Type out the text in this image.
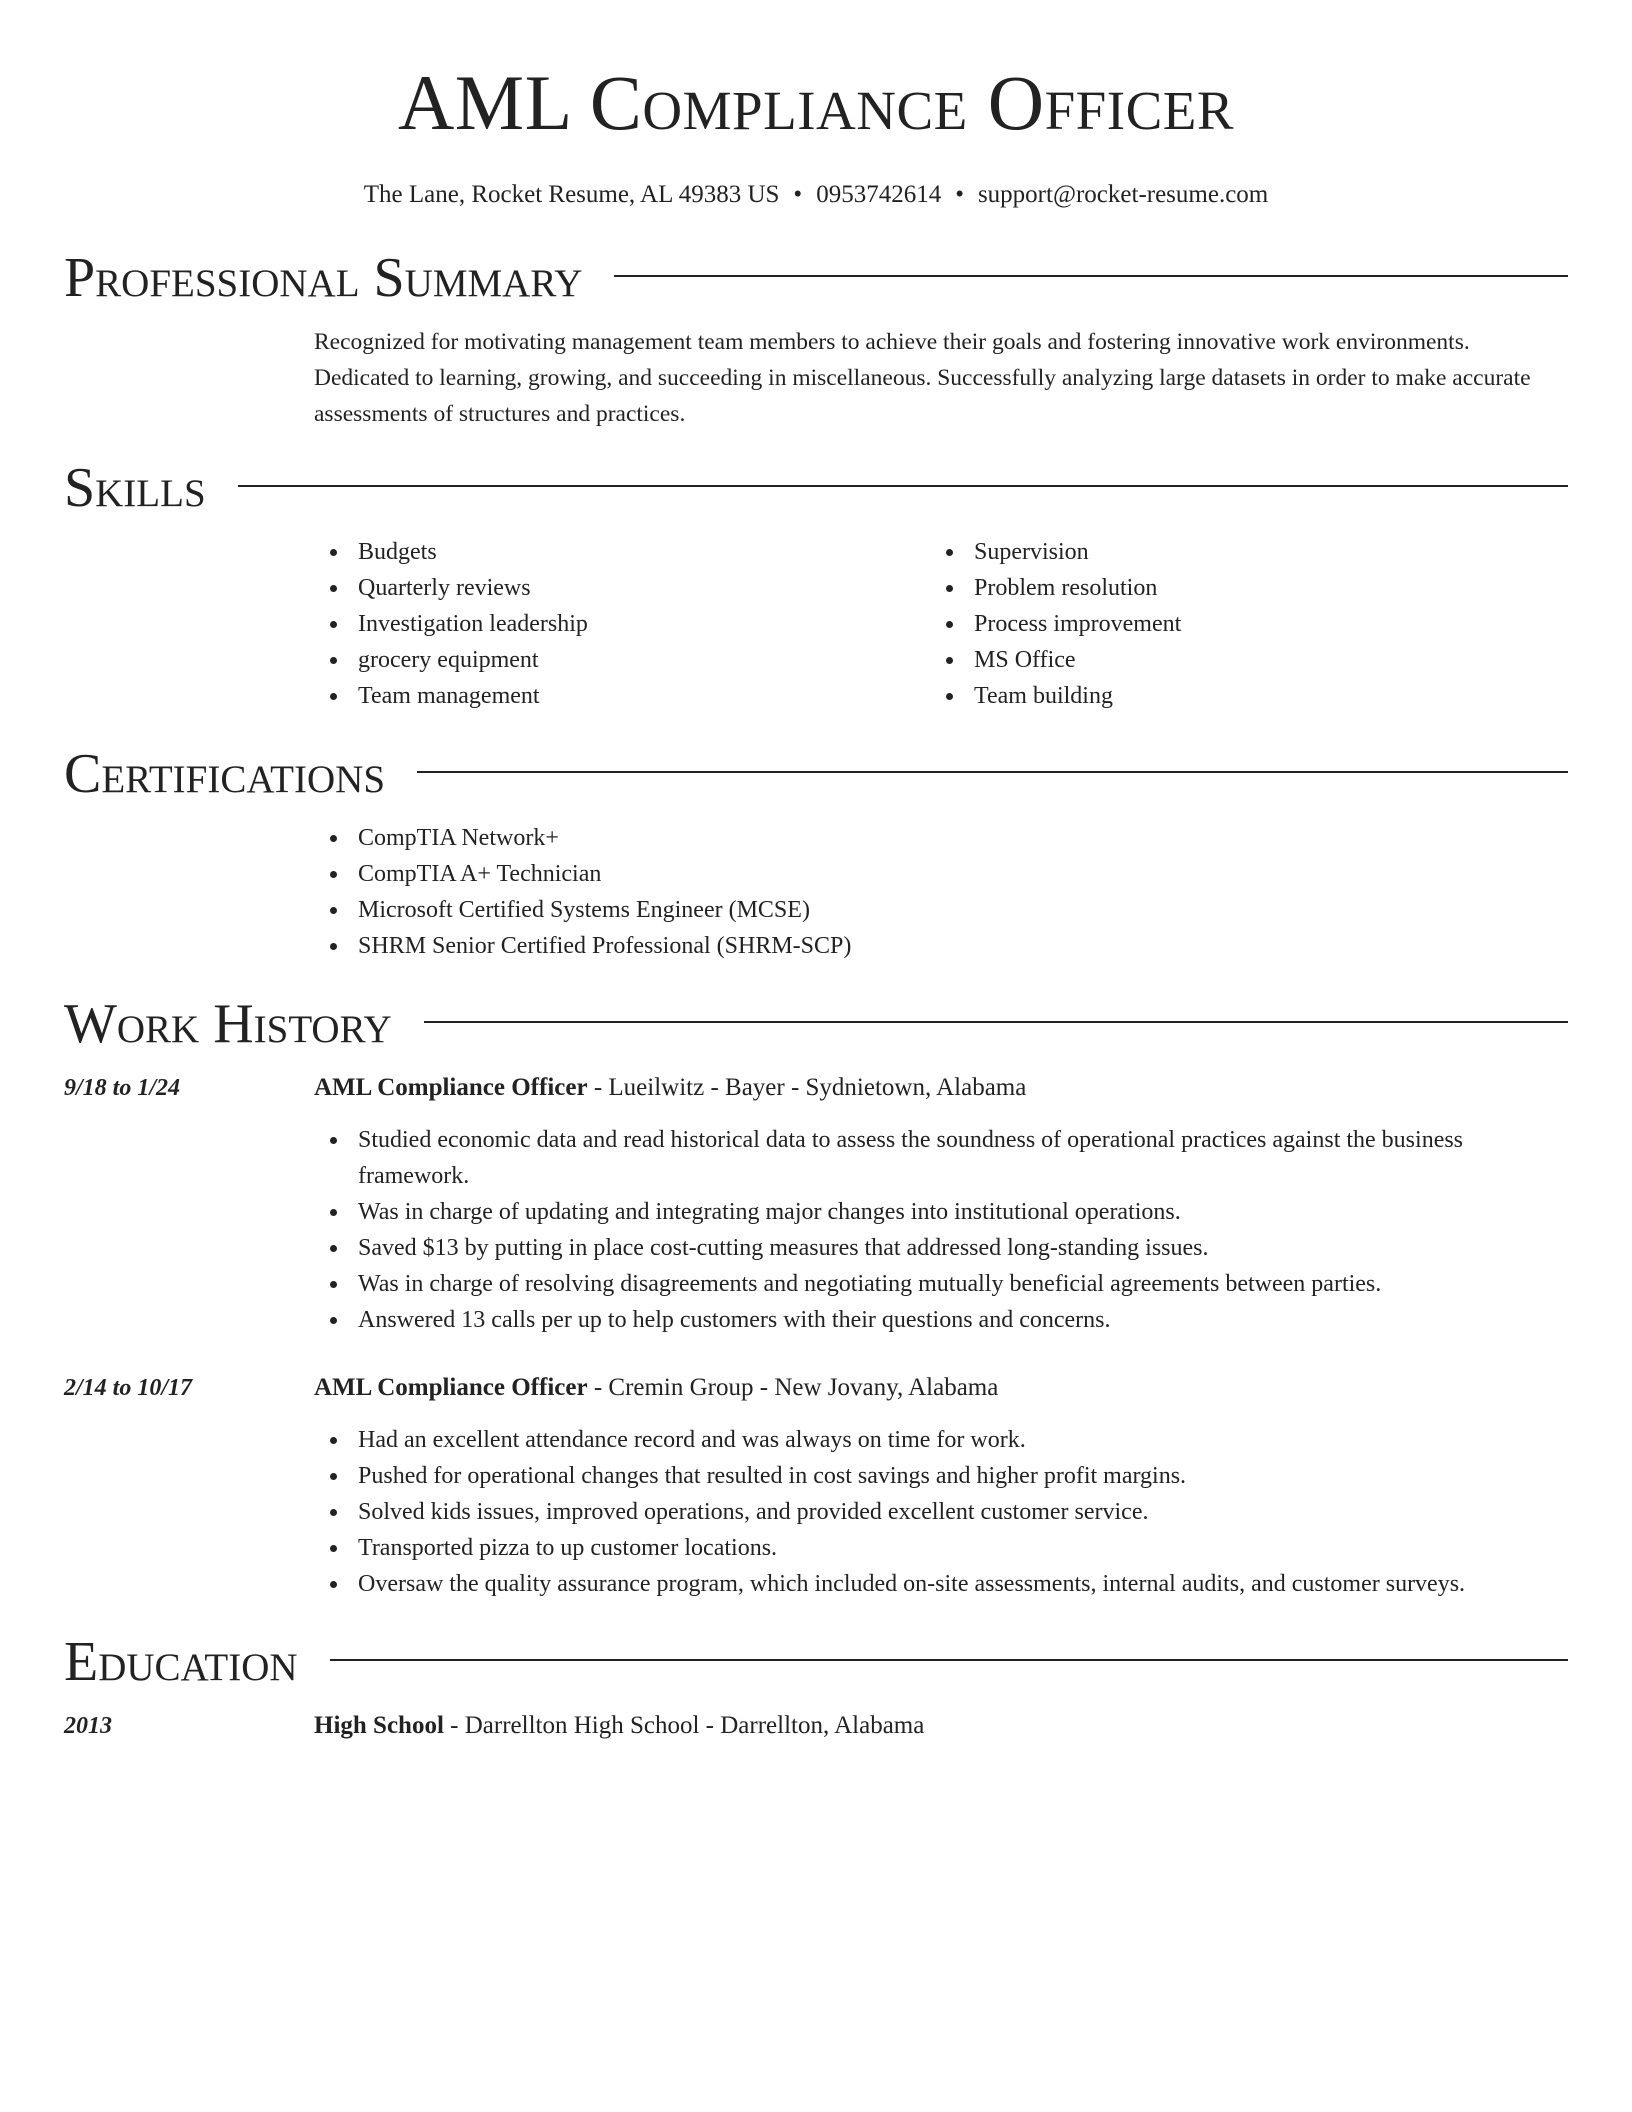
AML Compliance Officer
The Lane, Rocket Resume, AL 49383 US • 0953742614 • support@rocket-resume.com
Professional Summary

Recognized for motivating management team members to achieve their goals and fostering innovative work environments. Dedicated to learning, growing, and succeeding in miscellaneous. Successfully analyzing large datasets in order to make accurate assessments of structures and practices.

Skills
Budgets
Quarterly reviews
Investigation leadership
grocery equipment
Team management
Supervision
Problem resolution
Process improvement
MS Office
Team building
Certifications
CompTIA Network+
CompTIA A+ Technician
Microsoft Certified Systems Engineer (MCSE)
SHRM Senior Certified Professional (SHRM-SCP)
Work History
9/18 to 1/24	AML Compliance Officer - Lueilwitz - Bayer - Sydnietown, Alabama
Studied economic data and read historical data to assess the soundness of operational practices against the business framework.
Was in charge of updating and integrating major changes into institutional operations.
Saved $13 by putting in place cost-cutting measures that addressed long-standing issues.
Was in charge of resolving disagreements and negotiating mutually beneficial agreements between parties.
Answered 13 calls per up to help customers with their questions and concerns.
2/14 to 10/17	AML Compliance Officer - Cremin Group - New Jovany, Alabama
Had an excellent attendance record and was always on time for work.
Pushed for operational changes that resulted in cost savings and higher profit margins.
Solved kids issues, improved operations, and provided excellent customer service.
Transported pizza to up customer locations.
Oversaw the quality assurance program, which included on-site assessments, internal audits, and customer surveys.
Education
2013	High School - Darrellton High School - Darrellton, Alabama
